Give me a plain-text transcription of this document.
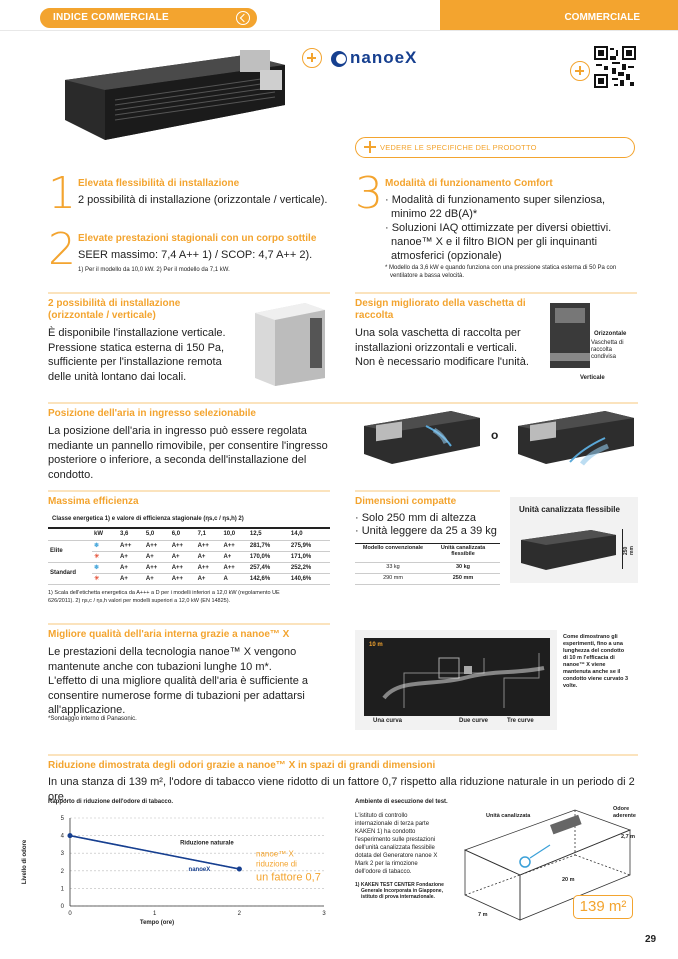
INDICE COMMERCIALE	COMMERCIALE
nanoeX
VEDERE LE SPECIFICHE DEL PRODOTTO
1 Elevata flessibilità di installazione
2 possibilità di installazione (orizzontale / verticale).
2 Elevate prestazioni stagionali con un corpo sottile
SEER massimo: 7,4 A++ 1) / SCOP: 4,7 A++ 2).
1) Per il modello da 10,0 kW. 2) Per il modello da 7,1 kW.
3 Modalità di funzionamento Comfort
· Modalità di funzionamento super silenziosa,
minimo 22 dB(A)*
· Soluzioni IAQ ottimizzate per diversi obiettivi.
nanoe™ X e il filtro BION per gli inquinanti
atmosferici (opzionale)
* Modello da 3,6 kW e quando funziona con una pressione statica esterna di 50 Pa con
ventilatore a bassa velocità.
2 possibilità di installazione
(orizzontale / verticale)
È disponibile l'installazione verticale.
Pressione statica esterna di 150 Pa,
sufficiente per l'installazione remota
delle unità lontano dai locali.
Design migliorato della vaschetta di
raccolta
Una sola vaschetta di raccolta per
installazioni orizzontali e verticali.
Non è necessario modificare l'unità.
Orizzontale
Vaschetta di
raccolta
condivisa
Verticale
Posizione dell'aria in ingresso selezionabile
La posizione dell'aria in ingresso può essere regolata
mediante un pannello rimovibile, per consentire l'ingresso
posteriore o inferiore, a seconda dell'installazione del
condotto.
o
Massima efficienza
Classe energetica 1) e valore di efficienza stagionale (ηs,c / ηs,h) 2)
	kW	3,6	5,0	6,0	7,1	10,0	12,5	14,0
Elite	❄	A++	A++	A++	A++	A++	281,7%	275,9%
	☀	A+	A+	A+	A+	A+	170,0%	171,0%
Standard	❄	A+	A++	A++	A++	A++	257,4%	252,2%
	☀	A+	A+	A++	A+	A	142,6%	140,6%
1) Scala dell'etichetta energetica da A+++ a D per i modelli inferiori a 12,0 kW (regolamento UE
626/2011). 2) ηs,c / ηs,h valori per modelli superiori a 12,0 kW (EN 14825).
Dimensioni compatte
· Solo 250 mm di altezza
· Unità leggere da 25 a 39 kg
Modello convenzionale	Unità canalizzata flessibile
33 kg	30 kg
290 mm	250 mm
Unità canalizzata flessibile
250 mm
Migliore qualità dell'aria interna grazie a nanoe™ X
Le prestazioni della tecnologia nanoe™ X vengono
mantenute anche con tubazioni lunghe 10 m*.
L'effetto di una migliore qualità dell'aria è sufficiente a
consentire numerose forme di tubazioni per adattarsi
all'applicazione.
*Sondaggio interno di Panasonic.
10 m
Una curva	Due curve	Tre curve
Come dimostrano gli
esperimenti, fino a una
lunghezza del condotto
di 10 m l'efficacia di
nanoe™ X viene
mantenuta anche se il
condotto viene curvato 3
volte.
Riduzione dimostrata degli odori grazie a nanoe™ X in spazi di grandi dimensioni
In una stanza di 139 m², l'odore di tabacco viene ridotto di un fattore 0,7 rispetto alla riduzione naturale in un periodo di 2 ore.
Rapporto di riduzione dell'odore di tabacco.
0
1
2
3
4
5
0	1	2	3
Tempo (ore)
Livello di odore	Riduzione naturale
nanoeX
nanoe™ X
riduzione di
un fattore 0,7
Ambiente di esecuzione del test.
L'istituto di controllo
internazionale di terza parte
KAKEN 1) ha condotto
l'esperimento sulle prestazioni
dell'unità canalizzata flessibile
dotata del Generatore nanoe X
Mark 2 per la rimozione
dell'odore di tabacco.
1) KAKEN TEST CENTER Fondazione
Generale Incorporata in Giappone,
istituto di prova internazionale.
Unità canalizzata
Odore
aderente
2,7 m
20 m
7 m	139 m²
29
